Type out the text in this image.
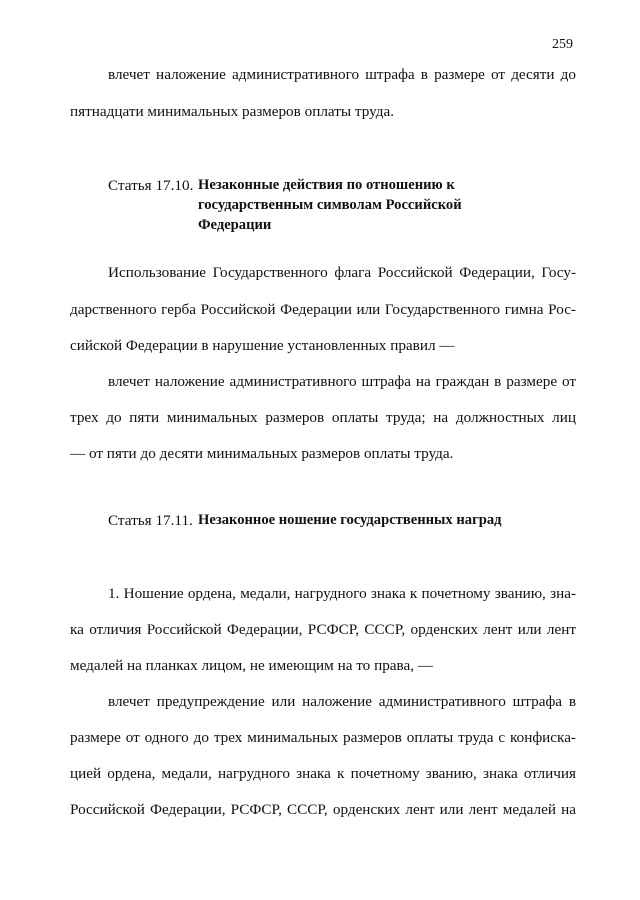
259
влечет наложение административного штрафа в размере от десяти до
пятнадцати минимальных размеров оплаты труда.
Статья 17.10. Незаконные действия по отношению к
государственным символам Российской
Федерации
Использование Государственного флага Российской Федерации, Госу-
дарственного герба Российской Федерации или Государственного гимна Рос-
сийской Федерации в нарушение установленных правил —
влечет наложение административного штрафа на граждан в размере от
трех до пяти минимальных размеров оплаты труда; на должностных лиц
— от пяти до десяти минимальных размеров оплаты труда.
Статья 17.11. Незаконное ношение государственных наград
1. Ношение ордена, медали, нагрудного знака к почетному званию, зна-
ка отличия Российской Федерации, РСФСР, СССР, орденских лент или лент
медалей на планках лицом, не имеющим на то права, —
влечет предупреждение или наложение административного штрафа в
размере от одного до трех минимальных размеров оплаты труда с конфиска-
цией ордена, медали, нагрудного знака к почетному званию, знака отличия
Российской Федерации, РСФСР, СССР, орденских лент или лент медалей на
